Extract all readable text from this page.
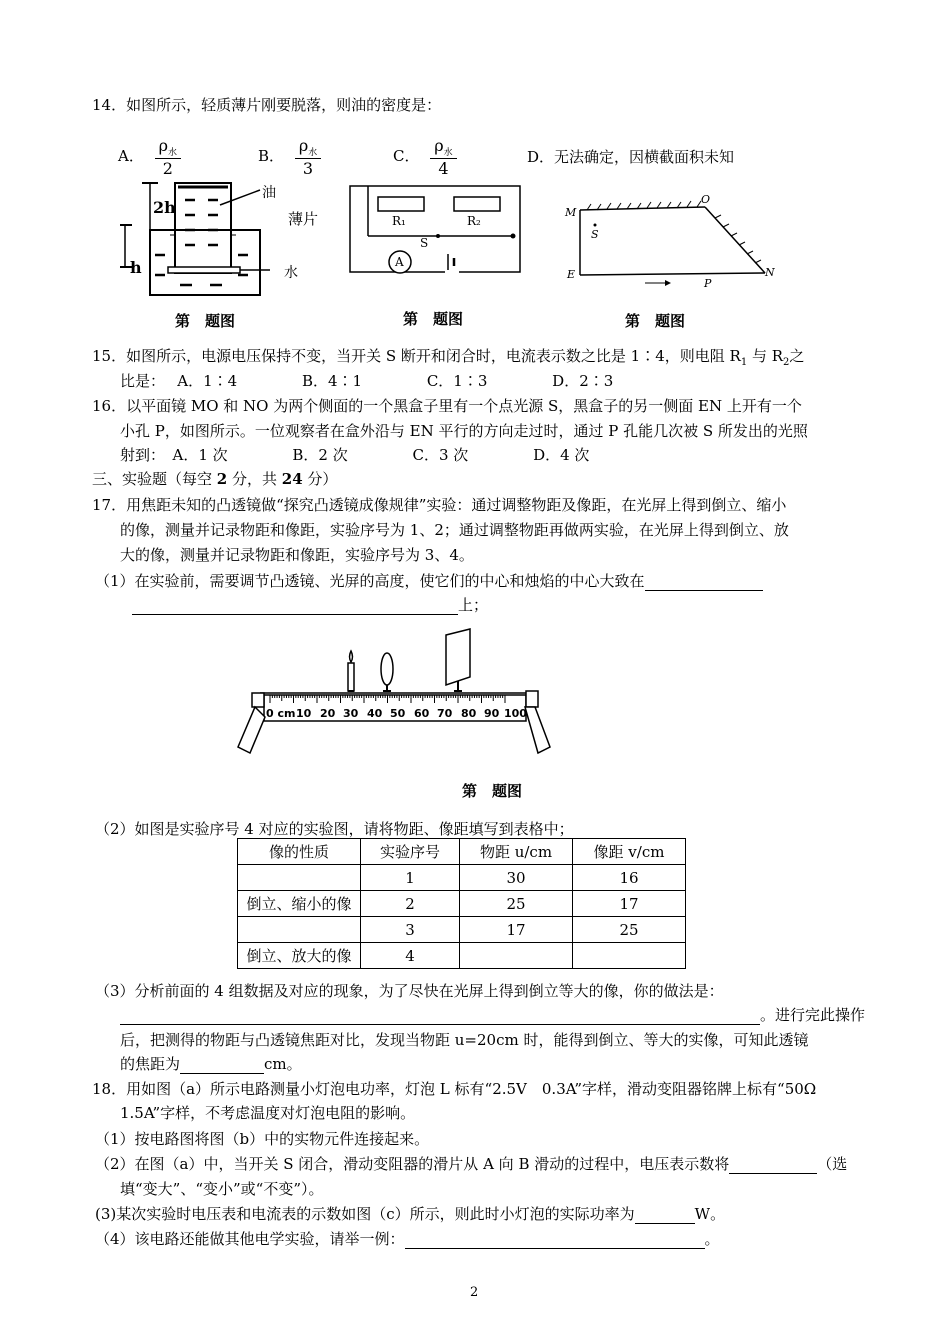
14．如图所示，轻质薄片刚要脱落，则油的密度是：
A． $\frac{\rho_水}{2}$	B． $\frac{\rho_水}{3}$	C． $\frac{\rho_水}{4}$	D．无法确定，因横截面积未知
2h
h
油
水
薄片
第　题图
R₁	R₂
S
A
第　题图
M
O
S
E
P
N
第　题图
15．如图所示，电源电压保持不变，当开关 S 断开和闭合时，电流表示数之比是 1∶4，则电阻 $R_1$ 与 $R_2$之
比是：　 A．1∶4　　　　 B．4∶1　　　　 C．1∶3　　　　 D．2∶3
16．以平面镜 MO 和 NO 为两个侧面的一个黑盒子里有一个点光源 S，黑盒子的另一侧面 EN 上开有一个
小孔 P，如图所示。一位观察者在盒外沿与 EN 平行的方向走过时，通过 P 孔能几次被 S 所发出的光照
射到：　A．1 次　　　　 B．2 次　　　　 C．3 次　　　　 D．4 次
三、实验题（每空 2 分，共 24 分）
17．用焦距未知的凸透镜做“探究凸透镜成像规律”实验：通过调整物距及像距，在光屏上得到倒立、缩小
的像，测量并记录物距和像距，实验序号为 1、2；通过调整物距再做两实验，在光屏上得到倒立、放
大的像，测量并记录物距和像距，实验序号为 3、4。
（1）在实验前，需要调节凸透镜、光屏的高度，使它们的中心和烛焰的中心大致在
上；
0 cm 10 20 30 40 50 60 70 80 90 100
第　题图
（2）如图是实验序号 4 对应的实验图，请将物距、像距填写到表格中；
像的性质	实验序号	物距 u/cm	像距 v/cm
	1	30	16
倒立、缩小的像	2	25	17
	3	17	25
倒立、放大的像	4		
（3）分析前面的 4 组数据及对应的现象，为了尽快在光屏上得到倒立等大的像，你的做法是：
。进行完此操作
后，把测得的物距与凸透镜焦距对比，发现当物距 u=20cm 时，能得到倒立、等大的实像，可知此透镜
的焦距为	cm。
18．用如图（a）所示电路测量小灯泡电功率，灯泡 L 标有“2.5V　0.3A”字样，滑动变阻器铭牌上标有“50Ω
1.5A”字样，不考虑温度对灯泡电阻的影响。
（1）按电路图将图（b）中的实物元件连接起来。
（2）在图（a）中，当开关 S 闭合，滑动变阻器的滑片从 A 向 B 滑动的过程中，电压表示数将	（选
填“变大”、“变小”或“不变”）。
(3)某次实验时电压表和电流表的示数如图（c）所示，则此时小灯泡的实际功率为	W。
（4）该电路还能做其他电学实验，请举一例：	。
2
